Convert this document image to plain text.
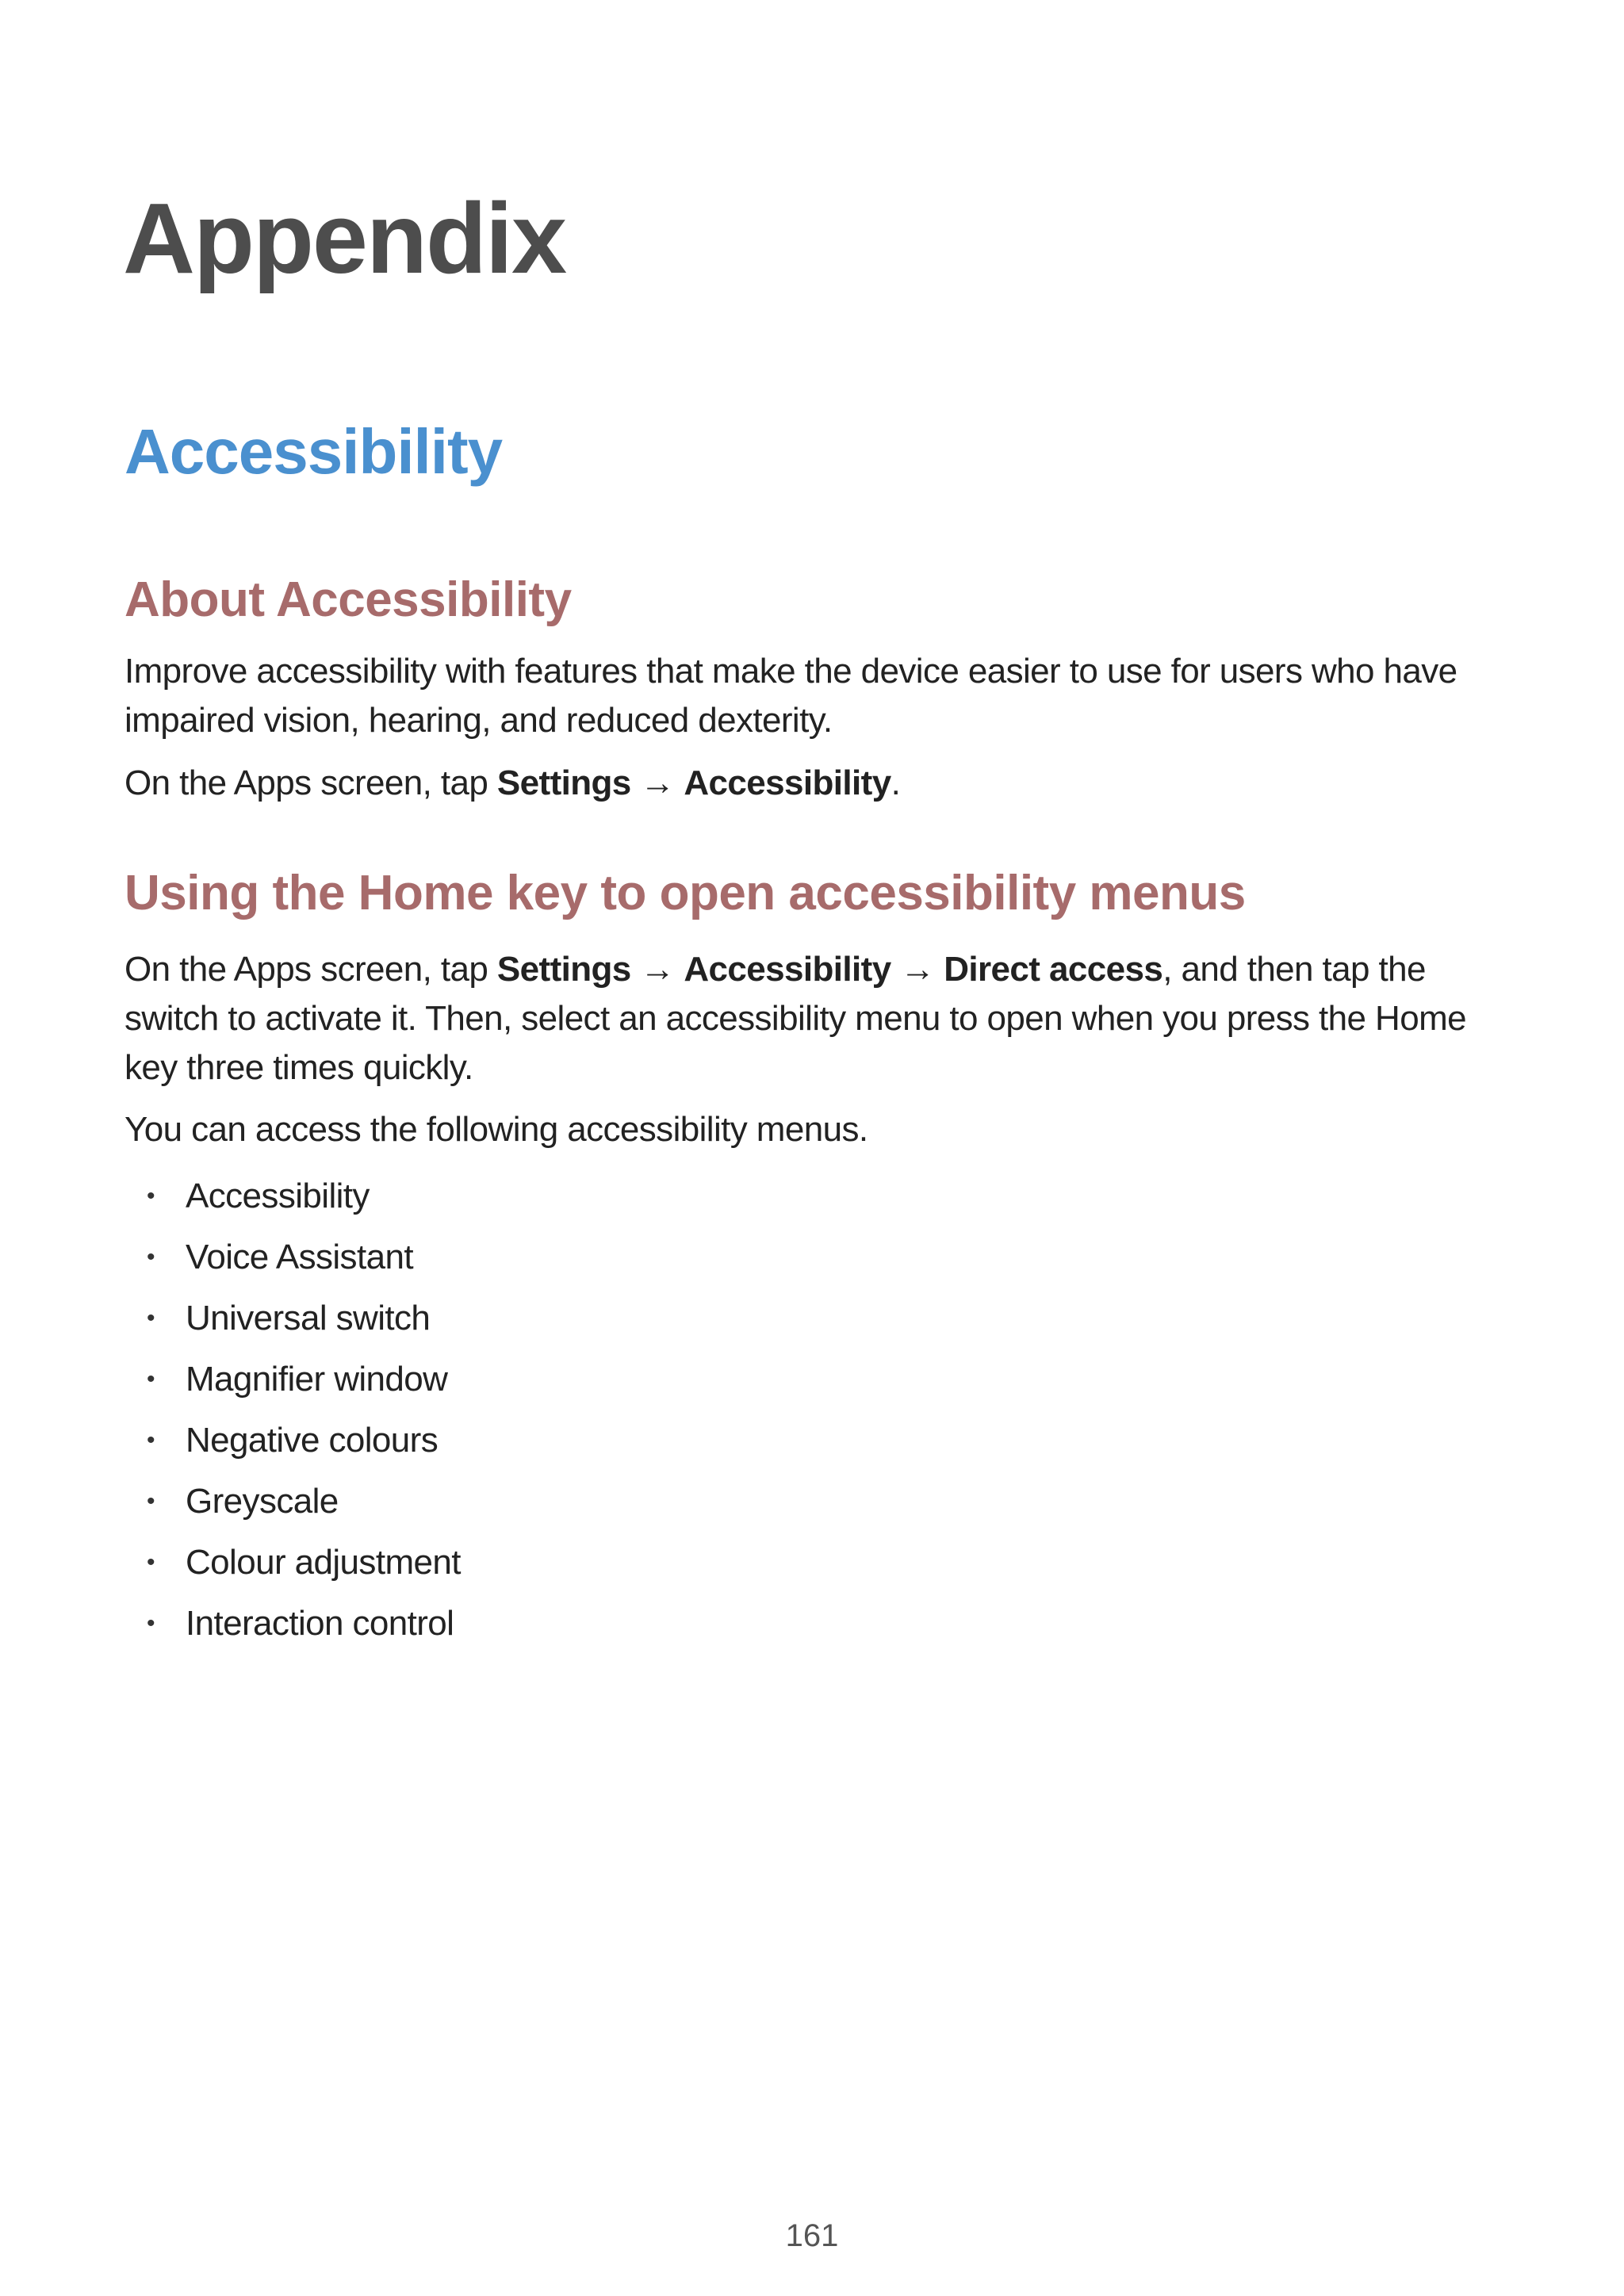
Appendix
Accessibility
About Accessibility

Improve accessibility with features that make the device easier to use for users who have impaired vision, hearing, and reduced dexterity.

On the Apps screen, tap Settings → Accessibility.

Using the Home key to open accessibility menus

On the Apps screen, tap Settings → Accessibility → Direct access, and then tap the switch to activate it. Then, select an accessibility menu to open when you press the Home key three times quickly.

You can access the following accessibility menus.

• Accessibility
• Voice Assistant
• Universal switch
• Magnifier window
• Negative colours
• Greyscale
• Colour adjustment
• Interaction control
161
